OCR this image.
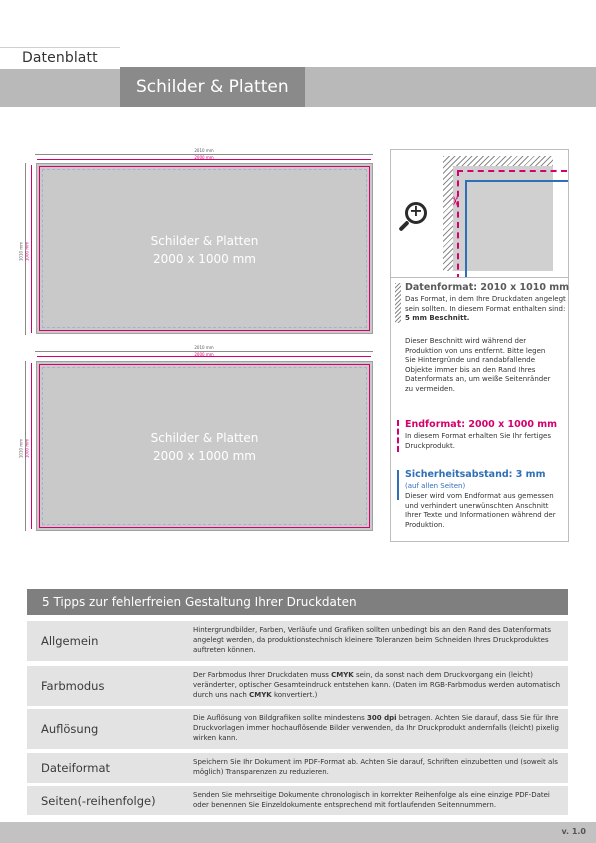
Datenblatt
Schilder & Platten
2010 mm
2000 mm
1010 mm 1000 mm
Schilder & Platten
2000 x 1000 mm
2010 mm
2000 mm
1010 mm 1000 mm
Schilder & Platten
2000 x 1000 mm
✂
+
Datenformat: 2010 x 1010 mm
Das Format, in dem Ihre Druckdaten angelegt sein sollten. In diesem Format enthalten sind: 5 mm Beschnitt.
Dieser Beschnitt wird während der Produktion von uns entfernt. Bitte legen Sie Hintergründe und randabfallende Objekte immer bis an den Rand Ihres Datenformats an, um weiße Seitenränder zu vermeiden.
Endformat: 2000 x 1000 mm
In diesem Format erhalten Sie Ihr fertiges Druckprodukt.
Sicherheitsabstand: 3 mm
(auf allen Seiten)
Dieser wird vom Endformat aus gemessen und verhindert unerwünschten Anschnitt Ihrer Texte und Informationen während der Produktion.
5 Tipps zur fehlerfreien Gestaltung Ihrer Druckdaten
Allgemein
Hintergrundbilder, Farben, Verläufe und Grafiken sollten unbedingt bis an den Rand des Datenformats angelegt werden, da produktionstechnisch kleinere Toleranzen beim Schneiden Ihres Druckproduktes auftreten können.
Farbmodus
Der Farbmodus Ihrer Druckdaten muss CMYK sein, da sonst nach dem Druckvorgang ein (leicht) veränderter, optischer Gesamteindruck entstehen kann. (Daten im RGB-Farbmodus werden automatisch durch uns nach CMYK konvertiert.)
Auflösung
Die Auflösung von Bildgrafiken sollte mindestens 300 dpi betragen. Achten Sie darauf, dass Sie für Ihre Druckvorlagen immer hochauflösende Bilder verwenden, da Ihr Druckprodukt andernfalls (leicht) pixelig wirken kann.
Dateiformat	Speichern Sie Ihr Dokument im PDF-Format ab. Achten Sie darauf, Schriften einzubetten und (soweit als möglich) Transparenzen zu reduzieren.
Seiten(-reihenfolge)	Senden Sie mehrseitige Dokumente chronologisch in korrekter Reihenfolge als eine einzige PDF-Datei oder benennen Sie Einzeldokumente entsprechend mit fortlaufenden Seitennummern.
v. 1.0
